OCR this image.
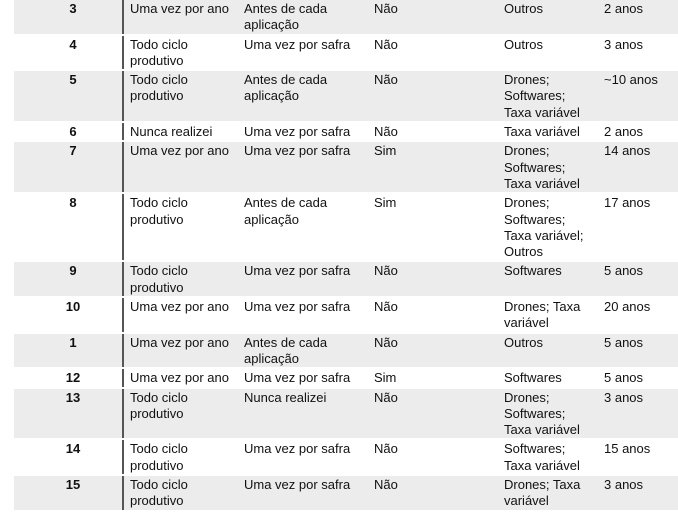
3	Uma vez por ano	Antes de cada aplicação	Não	Outros	2 anos
4	Todo ciclo produtivo	Uma vez por safra	Não	Outros	3 anos
5	Todo ciclo produtivo	Antes de cada aplicação	Não	Drones; Softwares; Taxa variável	~10 anos
6	Nunca realizei	Uma vez por safra	Não	Taxa variável	2 anos
7	Uma vez por ano	Uma vez por safra	Sim	Drones; Softwares; Taxa variável	14 anos
8	Todo ciclo produtivo	Antes de cada aplicação	Sim	Drones; Softwares; Taxa variável; Outros	17 anos
9	Todo ciclo produtivo	Uma vez por safra	Não	Softwares	5 anos
10	Uma vez por ano	Uma vez por safra	Não	Drones; Taxa variável	20 anos
1	Uma vez por ano	Antes de cada aplicação	Não	Outros	5 anos
12	Uma vez por ano	Uma vez por safra	Sim	Softwares	5 anos
13	Todo ciclo produtivo	Nunca realizei	Não	Drones; Softwares; Taxa variável	3 anos
14	Todo ciclo produtivo	Uma vez por safra	Não	Softwares; Taxa variável	15 anos
15	Todo ciclo produtivo	Uma vez por safra	Não	Drones; Taxa variável	3 anos
